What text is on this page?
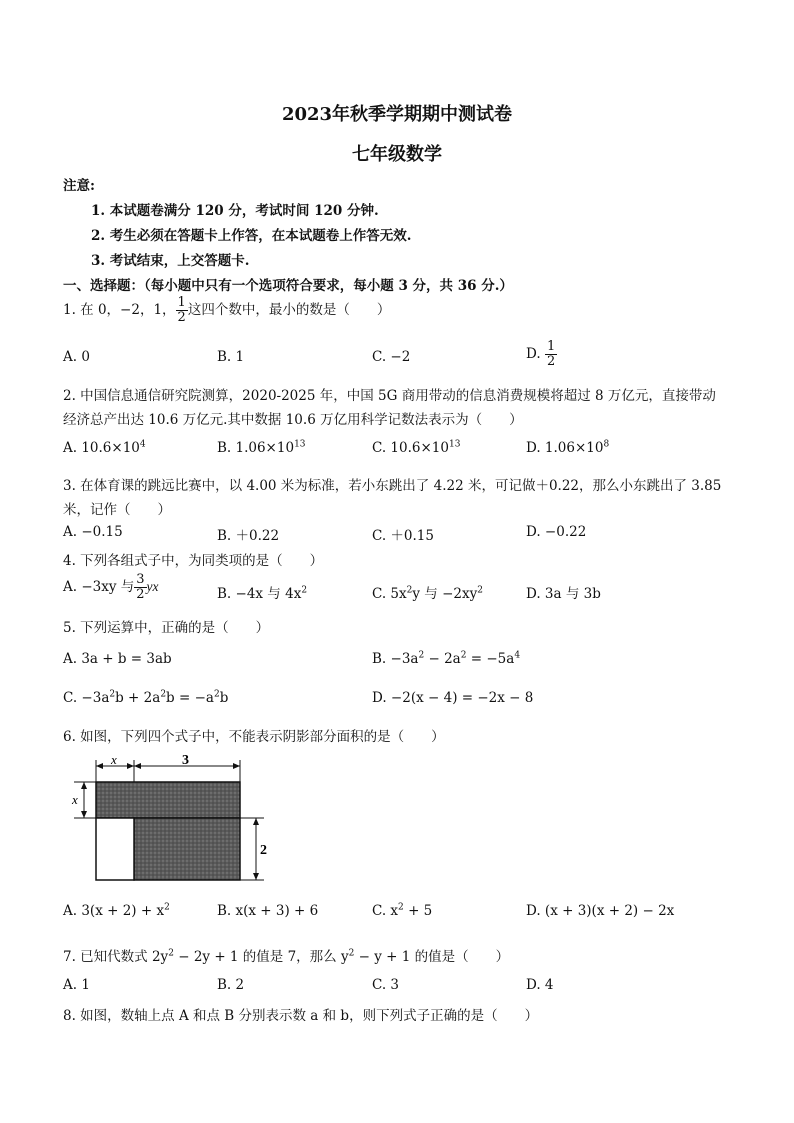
2023年秋季学期期中测试卷
七年级数学
注意:
1. 本试题卷满分 120 分，考试时间 120 分钟.
2. 考生必须在答题卡上作答，在本试题卷上作答无效.
3. 考试结束，上交答题卡.
一、选择题：（每小题中只有一个选项符合要求，每小题 3 分，共 36 分.）
1. 在 0，−2，1， $\frac{1}{2}$ 这四个数中，最小的数是（　　）
A. 0	B. 1	C. −2	D. $\frac{1}{2}$
2. 中国信息通信研究院测算，2020-2025 年，中国 5G 商用带动的信息消费规模将超过 8 万亿元，直接带动
经济总产出达 10.6 万亿元.其中数据 10.6 万亿用科学记数法表示为（　　）
A. $10.6\times 10^4$	B. $1.06\times 10^{13}$	C. $10.6\times 10^{13}$	D. $1.06\times 10^8$
3. 在体育课的跳远比赛中，以 4.00 米为标准，若小东跳出了 4.22 米，可记做＋0.22，那么小东跳出了 3.85
米，记作（　　）
A. −0.15	B. ＋0.22	C. ＋0.15	D. −0.22
4. 下列各组式子中，为同类项的是（　　）
A. −3xy 与 $\frac{3}{2}$ yx	B. −4x 与 $4x^2$	C. $5x^2y$ 与 $-2xy^2$	D. 3a 与 3b
5. 下列运算中，正确的是（　　）
A. 3a + b = 3ab	B. $-3a^2 - 2a^2 = -5a^4$
C. $-3a^2b + 2a^2b = -a^2b$	D. −2(x − 4) = −2x − 8
6. 如图，下列四个式子中，不能表示阴影部分面积的是（　　）
x	3
x
2
A. $3(x + 2) + x^2$	B. x(x + 3) + 6	C. $x^2 + 5$	D. (x + 3)(x + 2) − 2x
7. 已知代数式 $2y^2 - 2y + 1$ 的值是 7，那么 $y^2 - y + 1$ 的值是（　　）
A. 1	B. 2	C. 3	D. 4
8. 如图，数轴上点 A 和点 B 分别表示数 a 和 b，则下列式子正确的是（　　）
